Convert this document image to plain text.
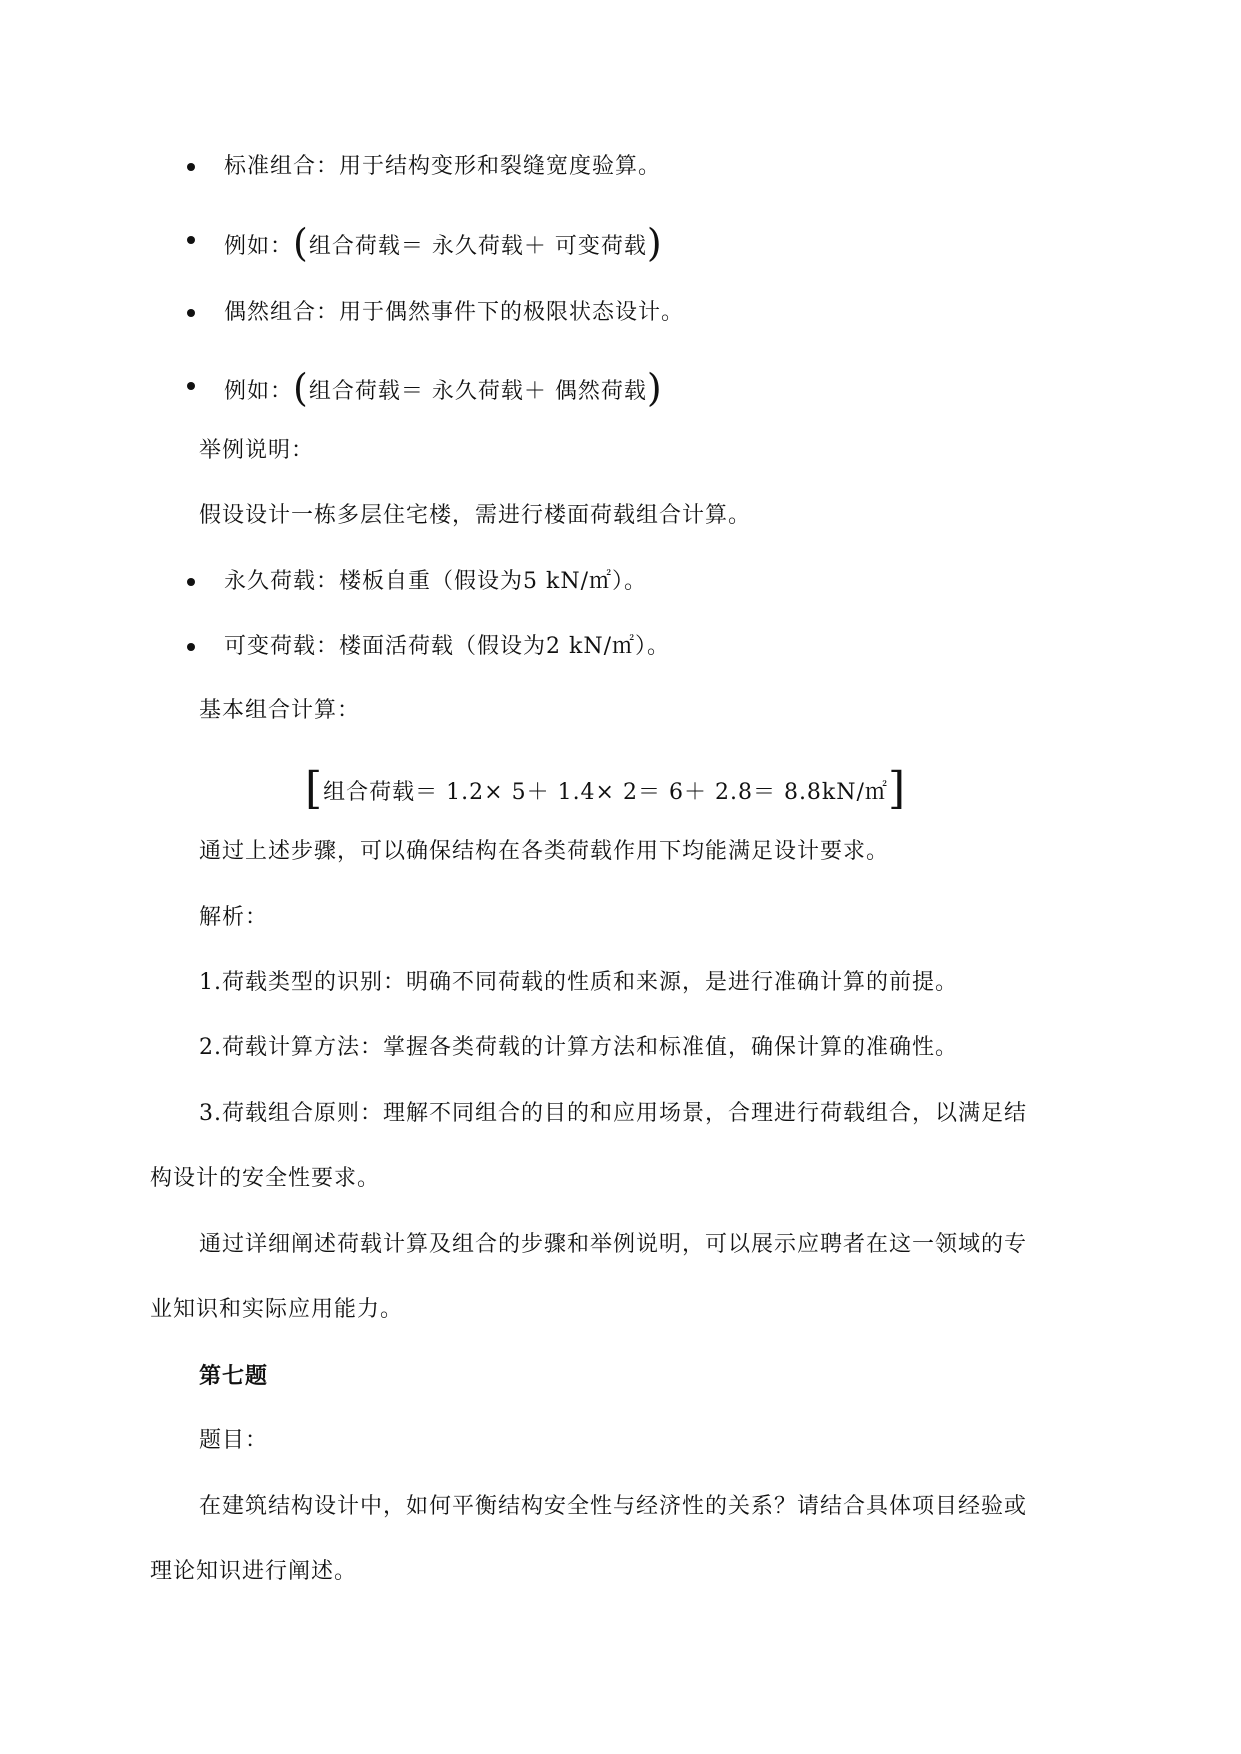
标准组合：用于结构变形和裂缝宽度验算。
例如：(组合荷载＝ 永久荷载＋ 可变荷载)
偶然组合：用于偶然事件下的极限状态设计。
例如：(组合荷载＝ 永久荷载＋ 偶然荷载)
举例说明：
假设设计一栋多层住宅楼，需进行楼面荷载组合计算。
永久荷载：楼板自重（假设为5 kN/㎡）。
可变荷载：楼面活荷载（假设为2 kN/㎡）。
基本组合计算：
[组合荷载＝ 1.2× 5＋ 1.4× 2＝ 6＋ 2.8＝ 8.8kN/㎡]
通过上述步骤，可以确保结构在各类荷载作用下均能满足设计要求。
解析：
1.荷载类型的识别：明确不同荷载的性质和来源，是进行准确计算的前提。
2.荷载计算方法：掌握各类荷载的计算方法和标准值，确保计算的准确性。
3.荷载组合原则：理解不同组合的目的和应用场景，合理进行荷载组合，以满足结
构设计的安全性要求。
通过详细阐述荷载计算及组合的步骤和举例说明，可以展示应聘者在这一领域的专
业知识和实际应用能力。
第七题
题目：
在建筑结构设计中，如何平衡结构安全性与经济性的关系？请结合具体项目经验或
理论知识进行阐述。
